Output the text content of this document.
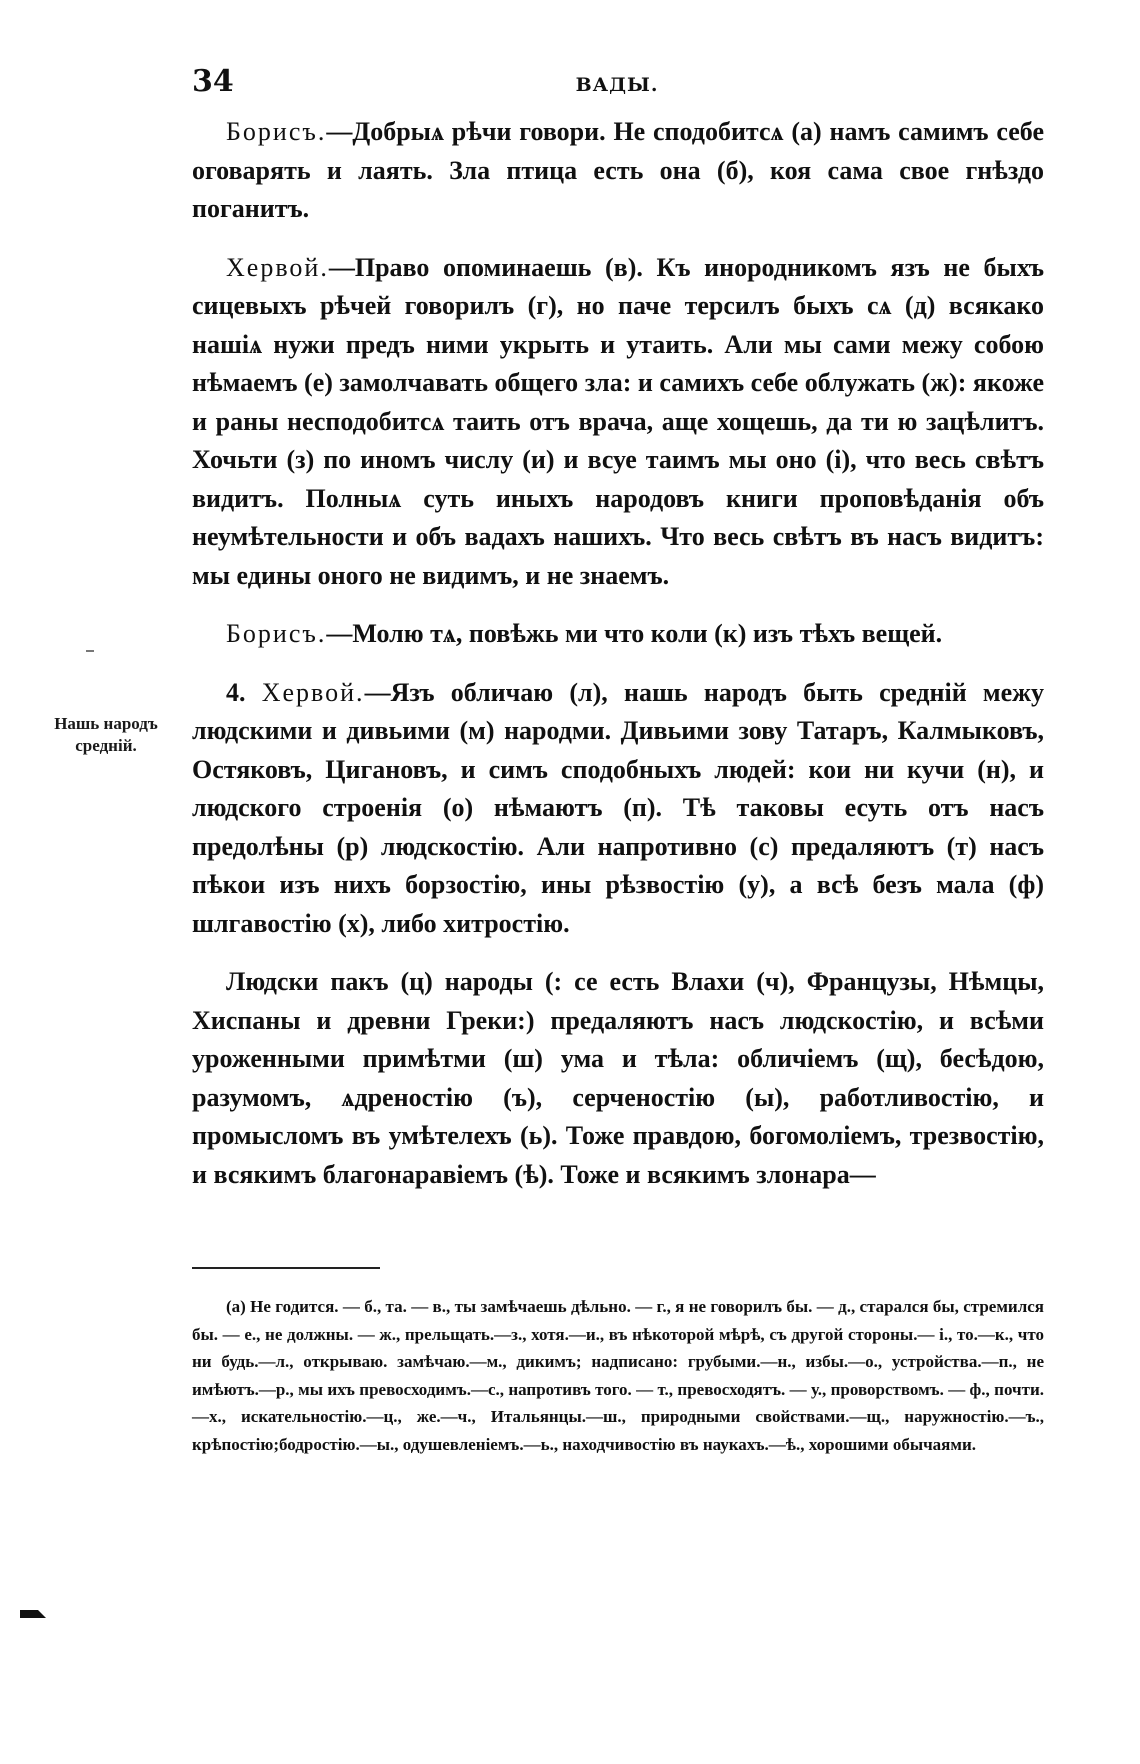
34	ВАДЫ.
Нашь народъ
средній.

Борисъ.—Добрыѧ рѣчи говори. Не сподобитсѧ (а) намъ самимъ себе оговарять и лаять. Зла птица есть она (б), коя сама свое гнѣздо поганитъ.

Хервой.—Право опоминаешь (в). Къ инородникомъ язъ не быхъ сицевыхъ рѣчей говорилъ (г), но паче терсилъ быхъ сѧ (д) всякако нашіѧ нужи предъ ними укрыть и утаить. Али мы сами межу собою нѣмаемъ (е) замолчавать общего зла: и самихъ себе облужать (ж): якоже и раны несподобитсѧ таить отъ врача, аще хощешь, да ти ю зацѣлитъ. Хочьти (з) по иномъ числу (и) и всуе таимъ мы оно (і), что весь свѣтъ видитъ. Полныѧ суть иныхъ народовъ книги проповѣданія объ неумѣтельности и объ вадахъ нашихъ. Что весь свѣтъ въ насъ видитъ: мы едины оного не видимъ, и не знаемъ.

Борисъ.—Молю тѧ, повѣжь ми что коли (к) изъ тѣхъ вещей.

4. Хервой.—Язъ обличаю (л), нашь народъ быть средній межу людскими и дивьими (м) народми. Дивьими зову Татаръ, Калмыковъ, Остяковъ, Цигановъ, и симъ сподобныхъ людей: кои ни кучи (н), и людского строенія (о) нѣмаютъ (п). Тѣ таковы есуть отъ насъ предолѣны (р) людскостію. Али напротивно (с) предаляютъ (т) насъ пѣкои изъ нихъ борзостію, ины рѣзвостію (у), а всѣ безъ мала (ф) шлгавостію (х), либо хитростію.

Людски пакъ (ц) народы (: се есть Влахи (ч), Французы, Нѣмцы, Хиспаны и древни Греки:) предаляютъ насъ людскостію, и всѣми уроженными примѣтми (ш) ума и тѣла: обличіемъ (щ), бесѣдою, разумомъ, ѧдреностію (ъ), серченостію (ы), работливостію, и промысломъ въ умѣтелехъ (ь). Тоже правдою, богомоліемъ, трезвостію, и всякимъ благонаравіемъ (ѣ). Тоже и всякимъ злонара—

(а) Не годится. — б., та. — в., ты замѣчаешь дѣльно. — г., я не говорилъ бы. — д., старался бы, стремился бы. — е., не должны. — ж., прельщать.—з., хотя.—и., въ нѣкоторой мѣрѣ, съ другой стороны.— і., то.—к., что ни будь.—л., открываю. замѣчаю.—м., дикимъ; надписано: грубыми.—н., избы.—о., устройства.—п., не имѣютъ.—р., мы ихъ превосходимъ.—с., напротивъ того. — т., превосходятъ. — у., проворствомъ. — ф., почти.—х., искательностію.—ц., же.—ч., Итальянцы.—ш., природными свойствами.—щ., наружностію.—ъ., крѣпостію;бодростію.—ы., одушевленіемъ.—ь., находчивостію въ наукахъ.—ѣ., хорошими обычаями.
